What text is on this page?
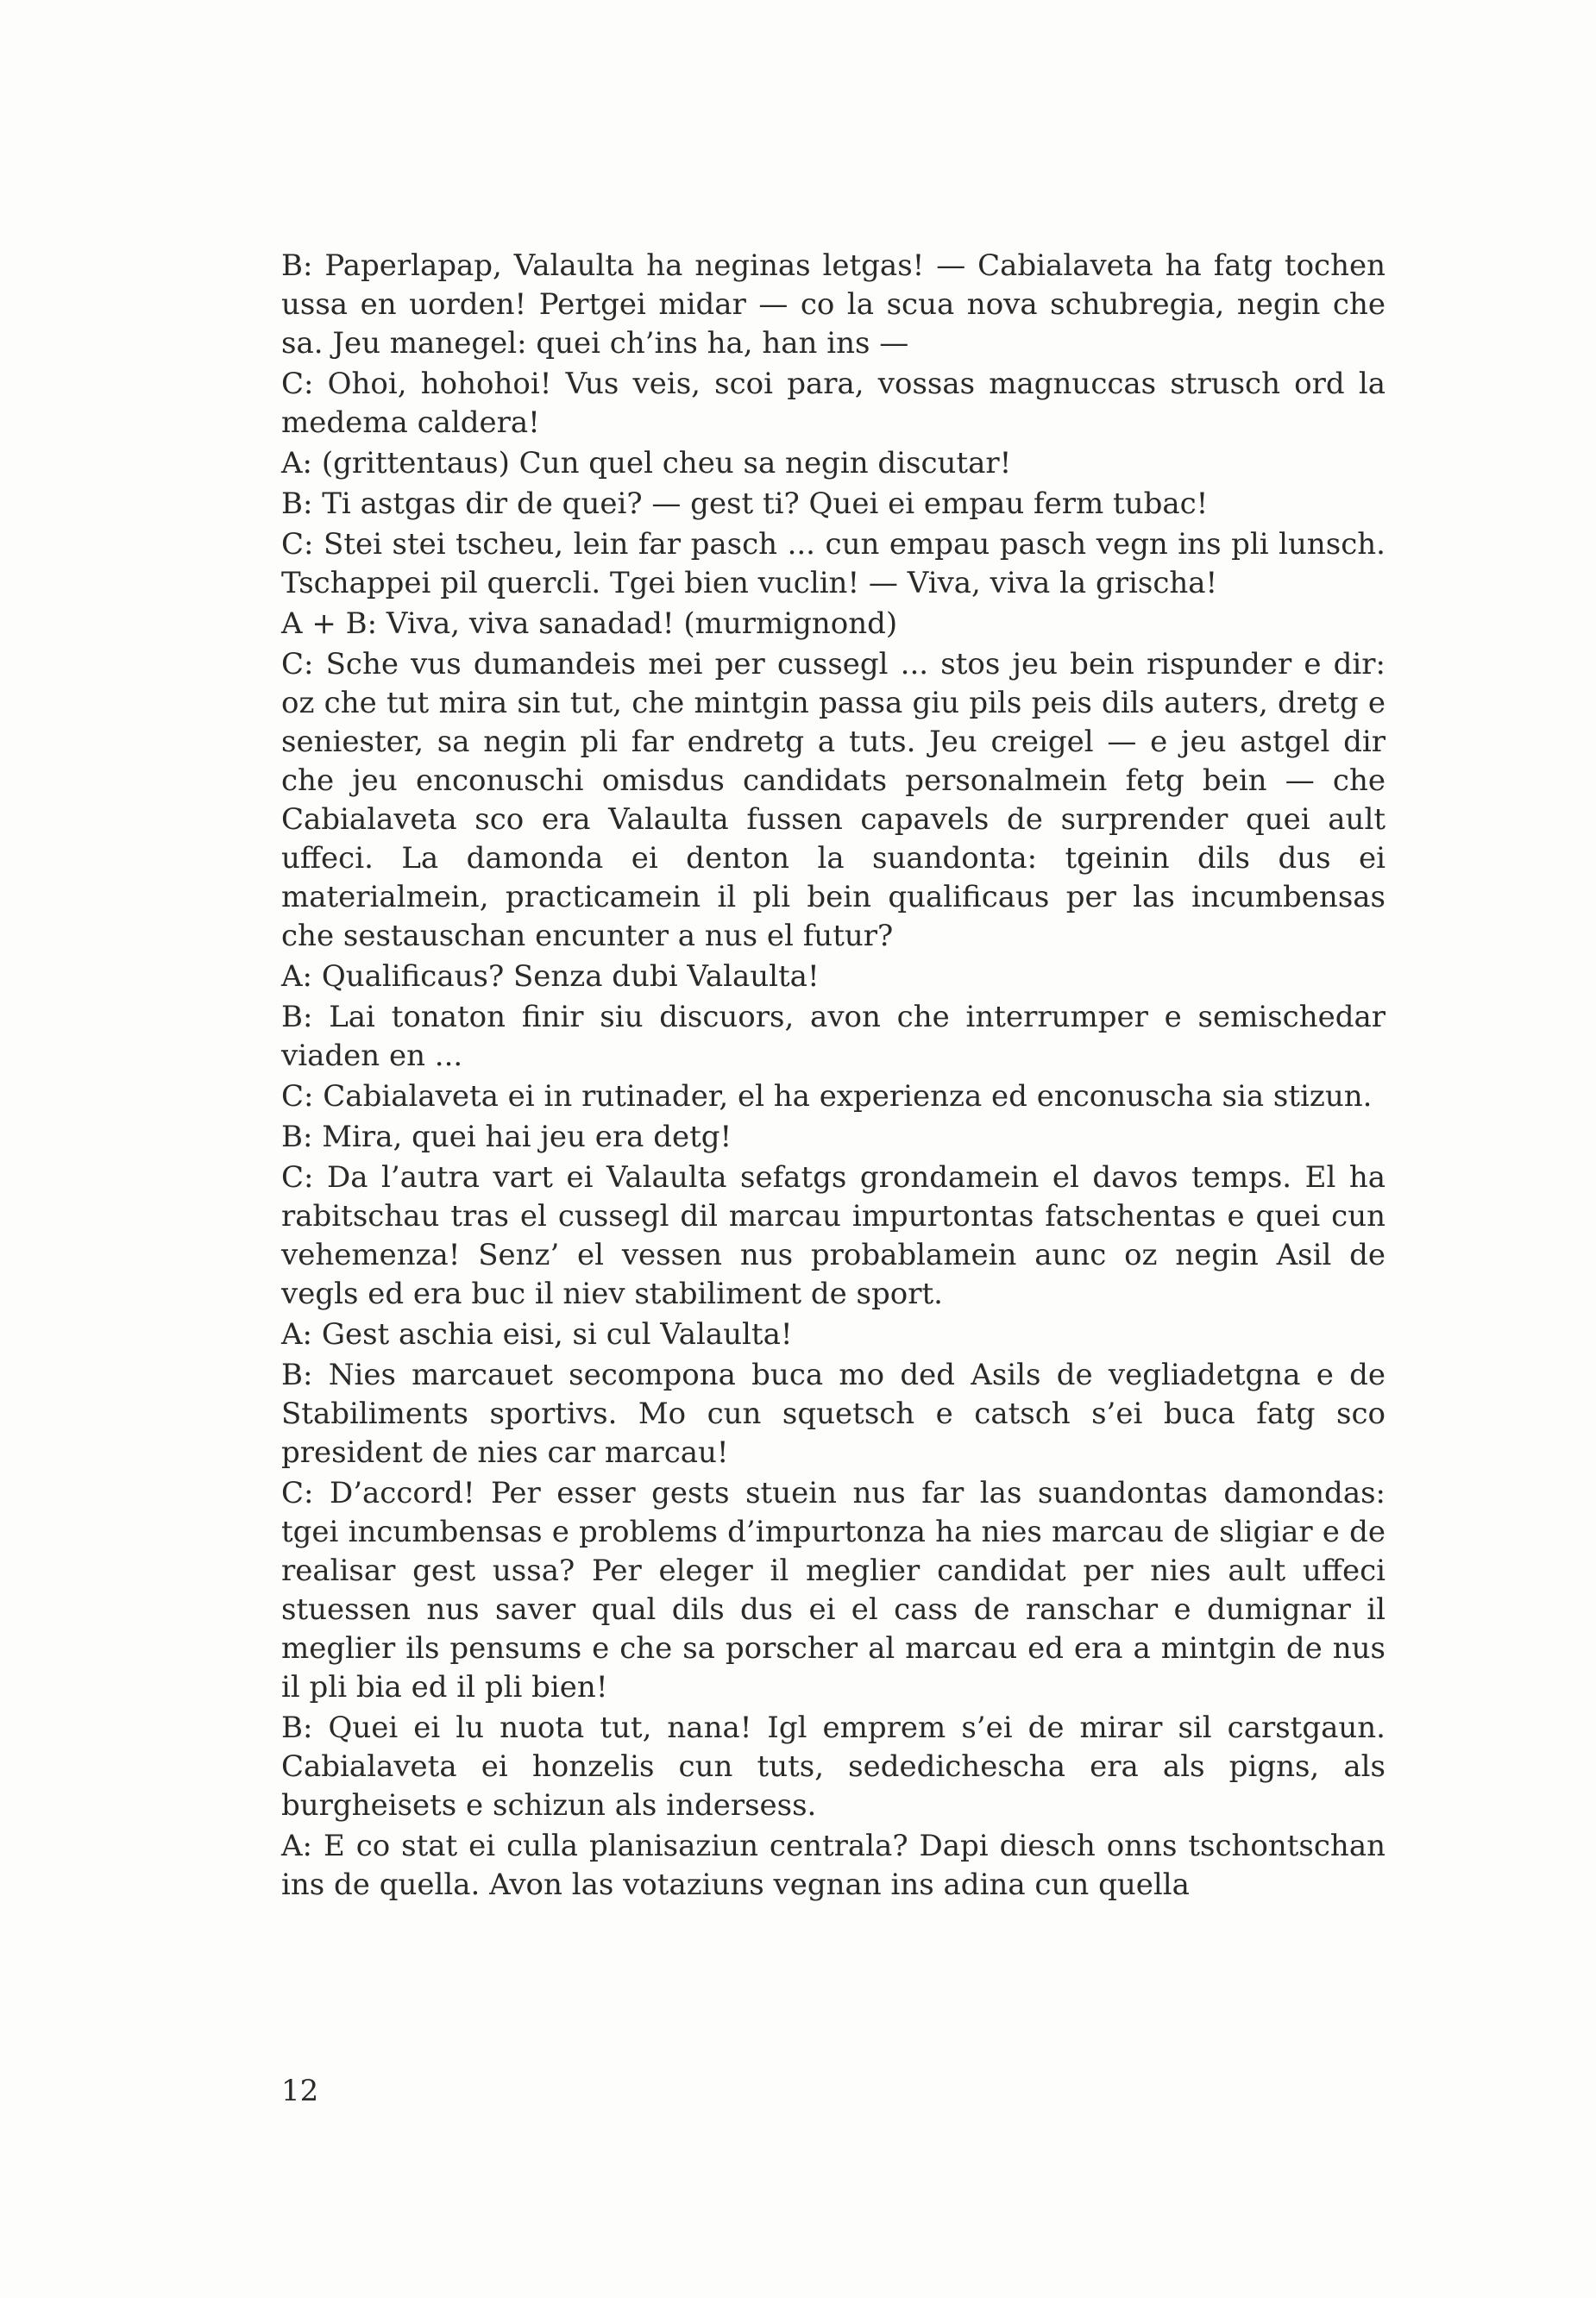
B: Paperlapap, Valaulta ha neginas letgas! — Cabialaveta ha fatg tochen ussa en uorden! Pertgei midar — co la scua nova schubregia, negin che sa. Jeu manegel: quei ch’ins ha, han ins —

C: Ohoi, hohohoi! Vus veis, scoi para, vossas magnuccas strusch ord la medema caldera!

A: (grittentaus) Cun quel cheu sa negin discutar!

B: Ti astgas dir de quei? — gest ti? Quei ei empau ferm tubac!

C: Stei stei tscheu, lein far pasch ... cun empau pasch vegn ins pli lunsch. Tschappei pil quercli. Tgei bien vuclin! — Viva, viva la grischa!

A + B: Viva, viva sanadad! (murmignond)

C: Sche vus dumandeis mei per cussegl ... stos jeu bein rispunder e dir: oz che tut mira sin tut, che mintgin passa giu pils peis dils auters, dretg e seniester, sa negin pli far endretg a tuts. Jeu creigel — e jeu astgel dir che jeu enconuschi omisdus candidats personalmein fetg bein — che Cabialaveta sco era Valaulta fussen capavels de surprender quei ault uffeci. La damonda ei denton la suandonta: tgeinin dils dus ei materialmein, practicamein il pli bein qualificaus per las incumbensas che sestauschan encunter a nus el futur?

A: Qualificaus? Senza dubi Valaulta!

B: Lai tonaton finir siu discuors, avon che interrumper e semischedar viaden en ...

C: Cabialaveta ei in rutinader, el ha experienza ed enconuscha sia stizun.

B: Mira, quei hai jeu era detg!

C: Da l’autra vart ei Valaulta sefatgs grondamein el davos temps. El ha rabitschau tras el cussegl dil marcau impurtontas fatschentas e quei cun vehemenza! Senz’ el vessen nus probablamein aunc oz negin Asil de vegls ed era buc il niev stabiliment de sport.

A: Gest aschia eisi, si cul Valaulta!

B: Nies marcauet secompona buca mo ded Asils de vegliadetgna e de Stabiliments sportivs. Mo cun squetsch e catsch s’ei buca fatg sco president de nies car marcau!

C: D’accord! Per esser gests stuein nus far las suandontas damondas: tgei incumbensas e problems d’impurtonza ha nies marcau de sligiar e de realisar gest ussa? Per eleger il meglier candidat per nies ault uffeci stuessen nus saver qual dils dus ei el cass de ranschar e dumignar il meglier ils pensums e che sa porscher al marcau ed era a mintgin de nus il pli bia ed il pli bien!

B: Quei ei lu nuota tut, nana! Igl emprem s’ei de mirar sil carstgaun. Cabialaveta ei honzelis cun tuts, sededichescha era als pigns, als burgheisets e schizun als indersess.

A: E co stat ei culla planisaziun centrala? Dapi diesch onns tschontschan ins de quella. Avon las votaziuns vegnan ins adina cun quella

12
